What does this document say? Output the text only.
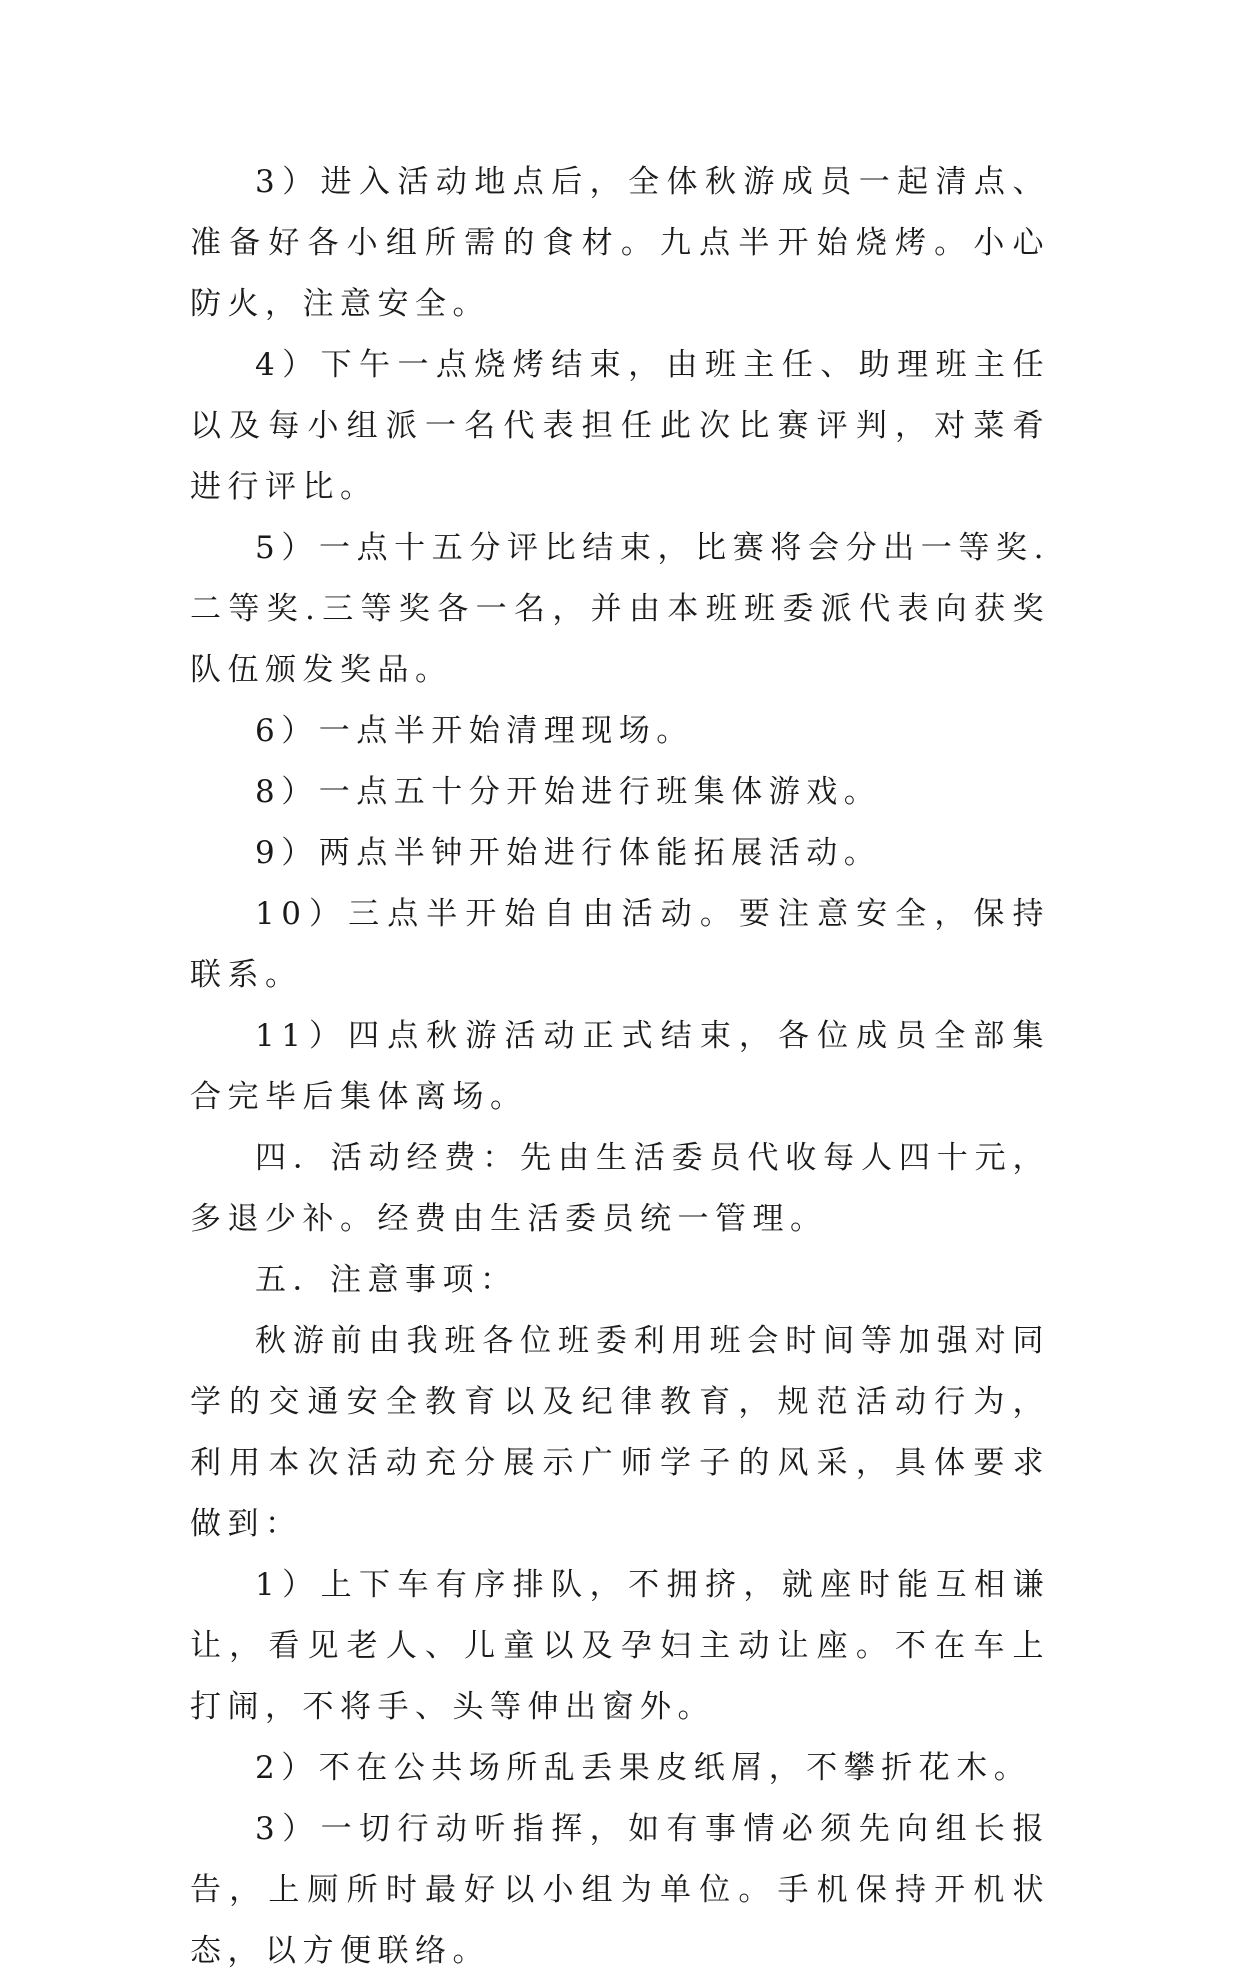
3）进入活动地点后，全体秋游成员一起清点、准备好各小组所需的食材。九点半开始烧烤。小心防火，注意安全。

4）下午一点烧烤结束，由班主任、助理班主任以及每小组派一名代表担任此次比赛评判，对菜肴进行评比。

5）一点十五分评比结束，比赛将会分出一等奖.二等奖.三等奖各一名，并由本班班委派代表向获奖队伍颁发奖品。

6）一点半开始清理现场。

8）一点五十分开始进行班集体游戏。

9）两点半钟开始进行体能拓展活动。

10）三点半开始自由活动。要注意安全，保持联系。

11）四点秋游活动正式结束，各位成员全部集合完毕后集体离场。

四．活动经费：先由生活委员代收每人四十元，多退少补。经费由生活委员统一管理。

五．注意事项：

秋游前由我班各位班委利用班会时间等加强对同学的交通安全教育以及纪律教育，规范活动行为，利用本次活动充分展示广师学子的风采，具体要求做到：

1）上下车有序排队，不拥挤，就座时能互相谦让，看见老人、儿童以及孕妇主动让座。不在车上打闹，不将手、头等伸出窗外。

2）不在公共场所乱丢果皮纸屑，不攀折花木。

3）一切行动听指挥，如有事情必须先向组长报告，上厕所时最好以小组为单位。手机保持开机状态，以方便联络。
